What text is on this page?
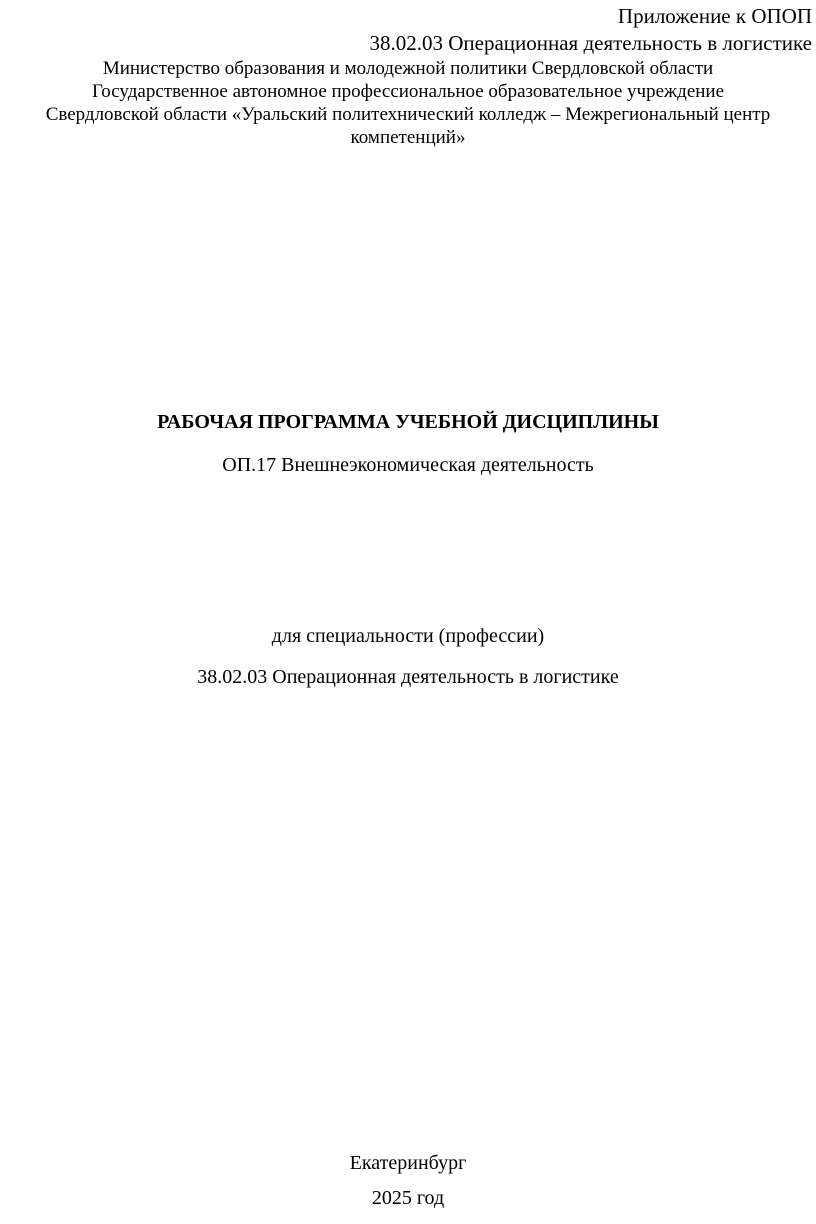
Приложение к ОПОП
38.02.03 Операционная деятельность в логистике
Министерство образования и молодежной политики Свердловской области
Государственное автономное профессиональное образовательное учреждение
Свердловской области «Уральский политехнический колледж – Межрегиональный центр
компетенций»
РАБОЧАЯ ПРОГРАММА УЧЕБНОЙ ДИСЦИПЛИНЫ
ОП.17 Внешнеэкономическая деятельность
для специальности (профессии)
38.02.03 Операционная деятельность в логистике
Екатеринбург
2025 год
